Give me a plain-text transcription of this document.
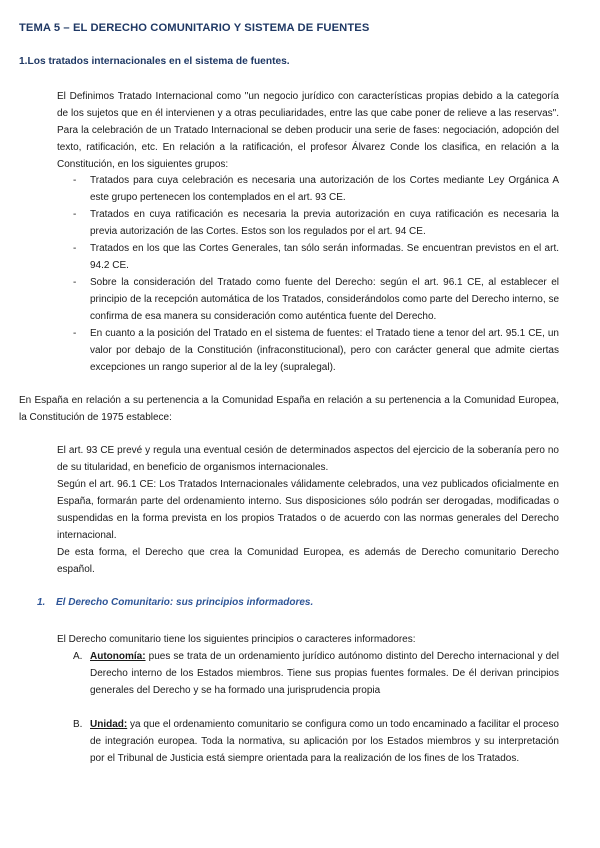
TEMA 5 – EL DERECHO COMUNITARIO Y SISTEMA DE FUENTES
1.Los tratados internacionales en el sistema de fuentes.

El Definimos Tratado Internacional como "un negocio jurídico con características propias debido a la categoría de los sujetos que en él intervienen y a otras peculiaridades, entre las que cabe poner de relieve a las reservas". Para la celebración de un Tratado Internacional se deben producir una serie de fases: negociación, adopción del texto, ratificación, etc. En relación a la ratificación, el profesor Álvarez Conde los clasifica, en relación a la Constitución, en los siguientes grupos:

- Tratados para cuya celebración es necesaria una autorización de los Cortes mediante Ley Orgánica A este grupo pertenecen los contemplados en el art. 93 CE.

- Tratados en cuya ratificación es necesaria la previa autorización en cuya ratificación es necesaria la previa autorización de las Cortes. Estos son los regulados por el art. 94 CE.

- Tratados en los que las Cortes Generales, tan sólo serán informadas. Se encuentran previstos en el art. 94.2 CE.

- Sobre la consideración del Tratado como fuente del Derecho: según el art. 96.1 CE, al establecer el principio de la recepción automática de los Tratados, considerándolos como parte del Derecho interno, se confirma de esa manera su consideración como auténtica fuente del Derecho.

- En cuanto a la posición del Tratado en el sistema de fuentes: el Tratado tiene a tenor del art. 95.1 CE, un valor por debajo de la Constitución (infraconstitucional), pero con carácter general que admite ciertas excepciones un rango superior al de la ley (supralegal).

En España en relación a su pertenencia a la Comunidad España en relación a su pertenencia a la Comunidad Europea, la Constitución de 1975 establece:

El art. 93 CE prevé y regula una eventual cesión de determinados aspectos del ejercicio de la soberanía pero no de su titularidad, en beneficio de organismos internacionales.

Según el art. 96.1 CE: Los Tratados Internacionales válidamente celebrados, una vez publicados oficialmente en España, formarán parte del ordenamiento interno. Sus disposiciones sólo podrán ser derogadas, modificadas o suspendidas en la forma prevista en los propios Tratados o de acuerdo con las normas generales del Derecho internacional.

De esta forma, el Derecho que crea la Comunidad Europea, es además de Derecho comunitario Derecho español.

1. El Derecho Comunitario: sus principios informadores.

El Derecho comunitario tiene los siguientes principios o caracteres informadores:

A. Autonomía: pues se trata de un ordenamiento jurídico autónomo distinto del Derecho internacional y del Derecho interno de los Estados miembros. Tiene sus propias fuentes formales. De él derivan principios generales del Derecho y se ha formado una jurisprudencia propia

B. Unidad: ya que el ordenamiento comunitario se configura como un todo encaminado a facilitar el proceso de integración europea. Toda la normativa, su aplicación por los Estados miembros y su interpretación por el Tribunal de Justicia está siempre orientada para la realización de los fines de los Tratados.
